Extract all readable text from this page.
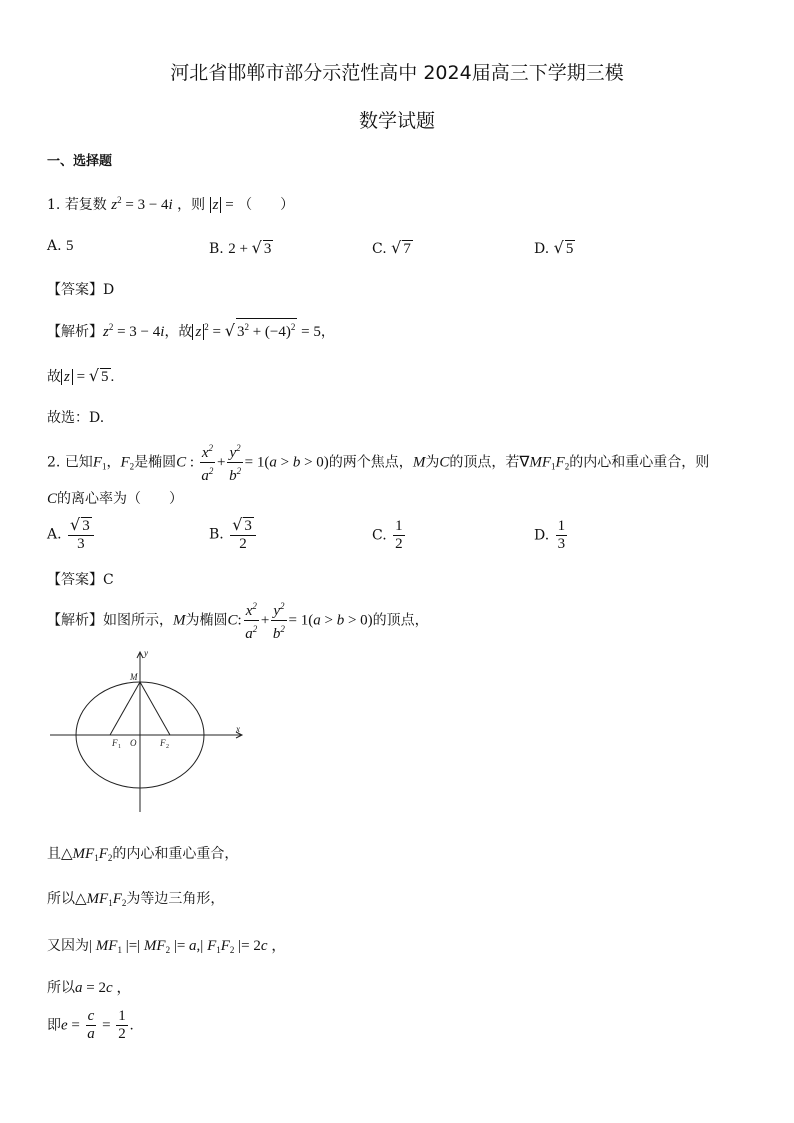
河北省邯郸市部分示范性高中 2024届高三下学期三模
数学试题
一、选择题
1. 若复数 $z^2 = 3 - 4i$ ，则 z = （　　）
A. 5	B. 2 + √ 3	C. √ 7	D. √ 5
【答案】D
【解析】$z^2 = 3 - 4i$，故 z $^2$ = √ $3^2 + (-4)^2 = 5$，
故 z = √ 5 .
故选：D.
2. 已知$F_1$，$F_2$是椭圆C : $\frac{x^2}{a^2} + \frac{y^2}{b^2} = 1(a > b > 0)$的两个焦点，M为C的顶点，若$\nabla MF_1F_2$的内心和重心重合，则
C的离心率为（　　）
A. $\frac{√ 3}{3}$	B. $\frac{√ 3}{2}$	C. $\frac{1}{2}$	D. $\frac{1}{3}$
【答案】C
【解析】如图所示，M为椭圆C: $\frac{x^2}{a^2} + \frac{y^2}{b^2} = 1(a > b > 0)$的顶点，
y
x
M
O
F 1	F 2
且$\triangle MF_1F_2$的内心和重心重合，
所以$\triangle MF_1F_2$为等边三角形，
又因为| $MF_1$ |=| $MF_2$ |= a,| $F_1F_2$ |= 2c ，
所以a = 2c ，
即$e = \frac{c}{a} = \frac{1}{2}$ .
